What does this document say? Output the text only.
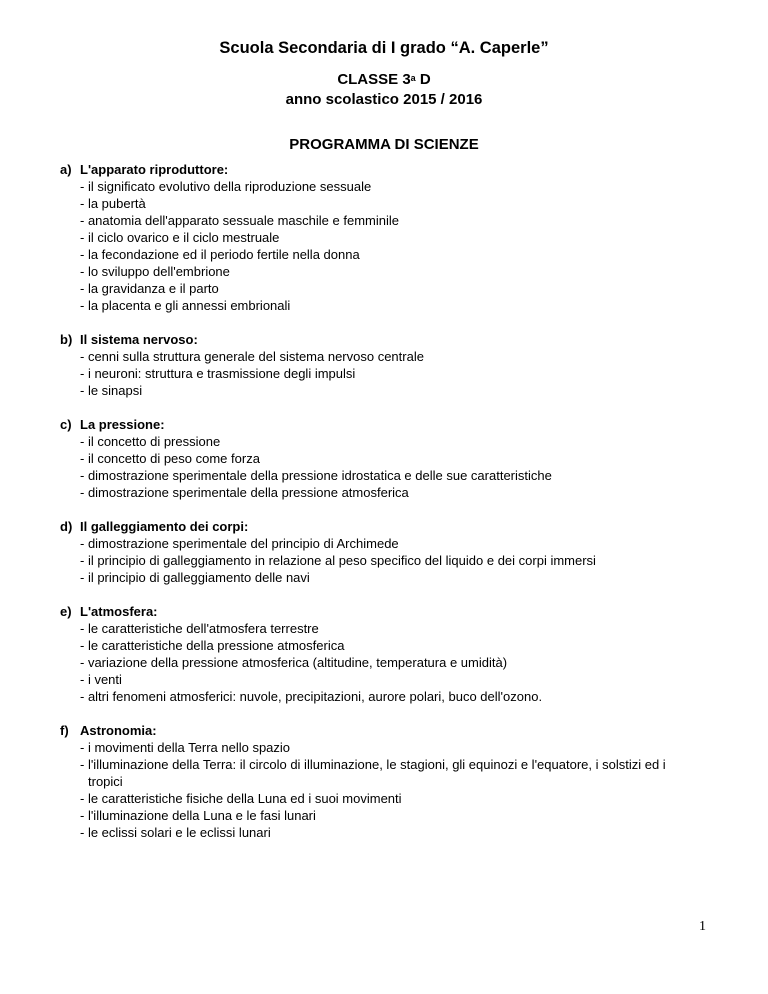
Scuola Secondaria di I grado “A. Caperle”

CLASSE 3$^a$ D

anno scolastico 2015 / 2016

PROGRAMMA DI SCIENZE

a) L'apparato riproduttore:
- il significato evolutivo della riproduzione sessuale
- la pubertà
- anatomia dell'apparato sessuale maschile e femminile
- il ciclo ovarico e il ciclo mestruale
- la fecondazione ed il periodo fertile nella donna
- lo sviluppo dell'embrione
- la gravidanza e il parto
- la placenta e gli annessi embrionali
b) Il sistema nervoso:
- cenni sulla struttura generale del sistema nervoso centrale
- i neuroni: struttura e trasmissione degli impulsi
- le sinapsi
c) La pressione:
- il concetto di pressione
- il concetto di peso come forza
- dimostrazione sperimentale della pressione idrostatica e delle sue caratteristiche
- dimostrazione sperimentale della pressione atmosferica
d) Il galleggiamento dei corpi:
- dimostrazione sperimentale del principio di Archimede
- il principio di galleggiamento in relazione al peso specifico del liquido e dei corpi immersi
- il principio di galleggiamento delle navi
e) L'atmosfera:
- le caratteristiche dell'atmosfera terrestre
- le caratteristiche della pressione atmosferica
- variazione della pressione atmosferica (altitudine, temperatura e umidità)
- i venti
- altri fenomeni atmosferici: nuvole, precipitazioni, aurore polari, buco dell'ozono.
f) Astronomia:
- i movimenti della Terra nello spazio
- l'illuminazione della Terra: il circolo di illuminazione, le stagioni, gli equinozi e l'equatore, i solstizi ed i tropici
- le caratteristiche fisiche della Luna ed i suoi movimenti
- l'illuminazione della Luna e le fasi lunari
- le eclissi solari e le eclissi lunari
1
